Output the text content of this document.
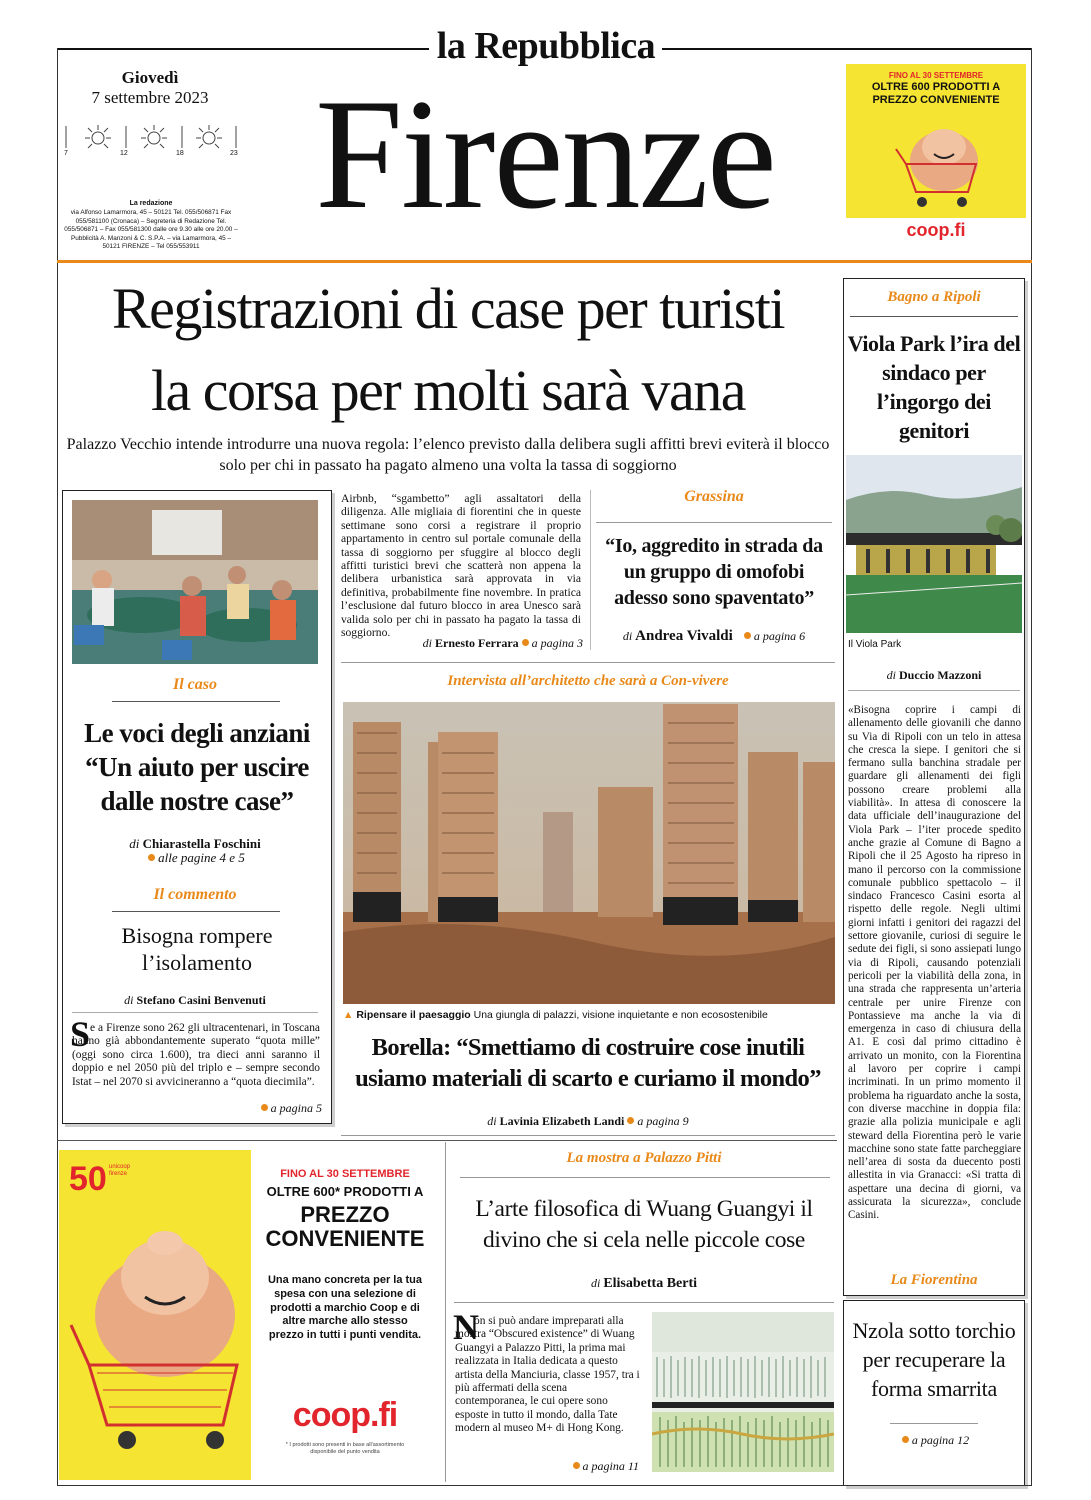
la Repubblica
Giovedì
7 settembre 2023
7	12	18	23
La redazione
via Alfonso Lamarmora, 45 – 50121 Tel. 055/506871 Fax 055/581100 (Cronaca) – Segreteria di Redazione Tel. 055/506871 – Fax 055/581300 dalle ore 9.30 alle ore 20.00 – Pubblicità A. Manzoni & C. S.P.A. – via Lamarmora, 45 – 50121 FIRENZE – Tel 055/553911
Firenze	FINO AL 30 SETTEMBRE
OLTRE 600 PRODOTTI A
PREZZO CONVENIENTE
coop.fi
Registrazioni di case per turisti
la corsa per molti sarà vana
Palazzo Vecchio intende introdurre una nuova regola: l’elenco previsto dalla delibera sugli affitti brevi eviterà il blocco solo per chi in passato ha pagato almeno una volta la tassa di soggiorno
Airbnb, “sgambetto” agli assaltatori della diligenza. Alle migliaia di fiorentini che in queste settimane sono corsi a registrare il proprio appartamento in centro sul portale comunale della tassa di soggiorno per sfuggire al blocco degli affitti turistici brevi che scatterà non appena la delibera urbanistica sarà approvata in via definitiva, probabilmente fine novembre. In pratica l’esclusione dal futuro blocco in area Unesco sarà valida solo per chi in passato ha pagato la tassa di soggiorno.
di Ernesto Ferrara a pagina 3
Il caso
Le voci degli anziani “Un aiuto per uscire dalle nostre case”
di Chiarastella Foschini
alle pagine 4 e 5
Il commento
Bisogna rompere l’isolamento
di Stefano Casini Benvenuti
S e a Firenze sono 262 gli ultracentenari, in Toscana hanno già abbondantemente superato “quota mille” (oggi sono circa 1.600), tra dieci anni saranno il doppio e nel 2050 più del triplo e – sempre secondo Istat – nel 2070 si avvicineranno a “quota diecimila”.
a pagina 5
Grassina
“Io, aggredito in strada da un gruppo di omofobi adesso sono spaventato”
di Andrea Vivaldi a pagina 6
Intervista all’architetto che sarà a Con-vivere
▲ Ripensare il paesaggio Una giungla di palazzi, visione inquietante e non ecosostenibile
Borella: “Smettiamo di costruire cose inutili usiamo materiali di scarto e curiamo il mondo”
di Lavinia Elizabeth Landi a pagina 9
Bagno a Ripoli
Viola Park l’ira del sindaco per l’ingorgo dei genitori
Il Viola Park
di Duccio Mazzoni
«Bisogna coprire i campi di allenamento delle giovanili che danno su Via di Ripoli con un telo in attesa che cresca la siepe. I genitori che si fermano sulla banchina stradale per guardare gli allenamenti dei figli possono creare problemi alla viabilità». In attesa di conoscere la data ufficiale dell’inaugurazione del Viola Park – l’iter procede spedito anche grazie al Comune di Bagno a Ripoli che il 25 Agosto ha ripreso in mano il percorso con la commissione comunale pubblico spettacolo – il sindaco Francesco Casini esorta al rispetto delle regole. Negli ultimi giorni infatti i genitori dei ragazzi del settore giovanile, curiosi di seguire le sedute dei figli, si sono assiepati lungo via di Ripoli, causando potenziali pericoli per la viabilità della zona, in una strada che rappresenta un’arteria centrale per unire Firenze con Pontassieve ma anche la via di emergenza in caso di chiusura della A1. E così dal primo cittadino è arrivato un monito, con la Fiorentina al lavoro per coprire i campi incriminati. In un primo momento il problema ha riguardato anche la sosta, con diverse macchine in doppia fila: grazie alla polizia municipale e agli steward della Fiorentina però le varie macchine sono state fatte parcheggiare nell’area di sosta da duecento posti allestita in via Granacci: «Si tratta di aspettare una decina di giorni, va assicurata la sicurezza», conclude Casini.
La Fiorentina
Nzola sotto torchio per recuperare la forma smarrita
a pagina 12
50 unicoop firenze	FINO AL 30 SETTEMBRE
OLTRE 600* PRODOTTI A
PREZZO
CONVENIENTE
Una mano concreta per la tua spesa con una selezione di prodotti a marchio Coop e di altre marche allo stesso prezzo in tutti i punti vendita.
coop.fi
* I prodotti sono presenti in base all'assortimento disponibile del punto vendita
La mostra a Palazzo Pitti
L’arte filosofica di Wuang Guangyi il divino che si cela nelle piccole cose
di Elisabetta Berti
N
on si può andare impreparati alla mostra “Obscured existence” di Wuang Guangyi a Palazzo Pitti, la prima mai realizzata in Italia dedicata a questo artista della Manciuria, classe 1957, tra i più affermati della scena contemporanea, le cui opere sono esposte in tutto il mondo, dalla Tate modern al museo M+ di Hong Kong.
a pagina 11
